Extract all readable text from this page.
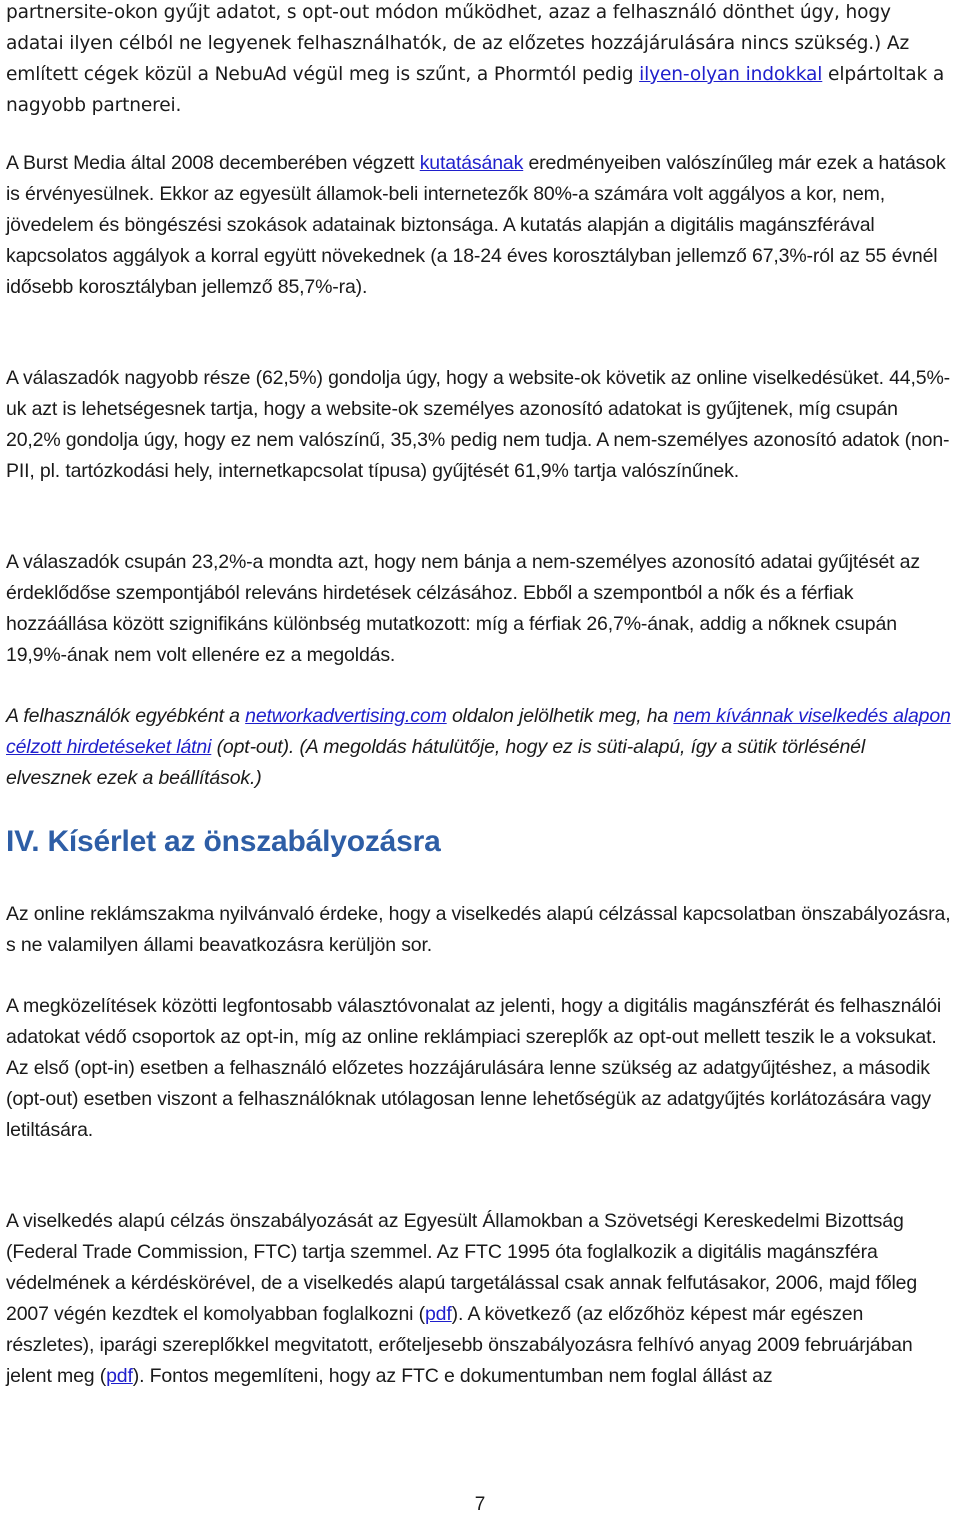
partnersite-okon gyűjt adatot, s opt-out módon működhet, azaz a felhasználó dönthet úgy, hogy adatai ilyen célból ne legyenek felhasználhatók, de az előzetes hozzájárulására nincs szükség.) Az említett cégek közül a NebuAd végül meg is szűnt, a Phormtól pedig ilyen-olyan indokkal elpártoltak a nagyobb partnerei.

A Burst Media által 2008 decemberében végzett kutatásának eredményeiben valószínűleg már ezek a hatások is érvényesülnek. Ekkor az egyesült államok-beli internetezők 80%-a számára volt aggályos a kor, nem, jövedelem és böngészési szokások adatainak biztonsága. A kutatás alapján a digitális magánszférával kapcsolatos aggályok a korral együtt növekednek (a 18-24 éves korosztályban jellemző 67,3%-ról az 55 évnél idősebb korosztályban jellemző 85,7%-ra).

A válaszadók nagyobb része (62,5%) gondolja úgy, hogy a website-ok követik az online viselkedésüket. 44,5%-uk azt is lehetségesnek tartja, hogy a website-ok személyes azonosító adatokat is gyűjtenek, míg csupán 20,2% gondolja úgy, hogy ez nem valószínű, 35,3% pedig nem tudja. A nem-személyes azonosító adatok (non-PII, pl. tartózkodási hely, internetkapcsolat típusa) gyűjtését 61,9% tartja valószínűnek.

A válaszadók csupán 23,2%-a mondta azt, hogy nem bánja a nem-személyes azonosító adatai gyűjtését az érdeklődőse szempontjából releváns hirdetések célzásához. Ebből a szempontból a nők és a férfiak hozzáállása között szignifikáns különbség mutatkozott: míg a férfiak 26,7%-ának, addig a nőknek csupán 19,9%-ának nem volt ellenére ez a megoldás.

A felhasználók egyébként a networkadvertising.com oldalon jelölhetik meg, ha nem kívánnak viselkedés alapon célzott hirdetéseket látni (opt-out). (A megoldás hátulütője, hogy ez is süti-alapú, így a sütik törlésénél elvesznek ezek a beállítások.)

IV. Kísérlet az önszabályozásra

Az online reklámszakma nyilvánvaló érdeke, hogy a viselkedés alapú célzással kapcsolatban önszabályozásra, s ne valamilyen állami beavatkozásra kerüljön sor.

A megközelítések közötti legfontosabb választóvonalat az jelenti, hogy a digitális magánszférát és felhasználói adatokat védő csoportok az opt-in, míg az online reklámpiaci szereplők az opt-out mellett teszik le a voksukat. Az első (opt-in) esetben a felhasználó előzetes hozzájárulására lenne szükség az adatgyűjtéshez, a második (opt-out) esetben viszont a felhasználóknak utólagosan lenne lehetőségük az adatgyűjtés korlátozására vagy letiltására.

A viselkedés alapú célzás önszabályozását az Egyesült Államokban a Szövetségi Kereskedelmi Bizottság (Federal Trade Commission, FTC) tartja szemmel. Az FTC 1995 óta foglalkozik a digitális magánszféra védelmének a kérdéskörével, de a viselkedés alapú targetálással csak annak felfutásakor, 2006, majd főleg 2007 végén kezdtek el komolyabban foglalkozni (pdf). A következő (az előzőhöz képest már egészen részletes), iparági szereplőkkel megvitatott, erőteljesebb önszabályozásra felhívó anyag 2009 februárjában jelent meg (pdf). Fontos megemlíteni, hogy az FTC e dokumentumban nem foglal állást az

7
